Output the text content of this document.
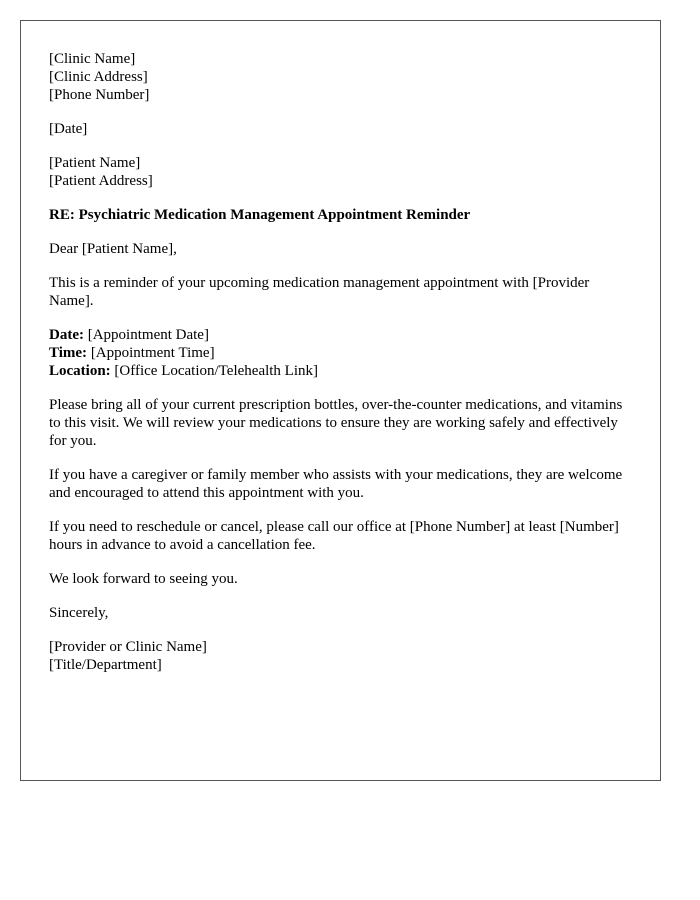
[Clinic Name]
[Clinic Address]
[Phone Number]
[Date]
[Patient Name]
[Patient Address]
RE: Psychiatric Medication Management Appointment Reminder
Dear [Patient Name],

This is a reminder of your upcoming medication management appointment with [Provider Name].

Date: [Appointment Date]
Time: [Appointment Time]
Location: [Office Location/Telehealth Link]

Please bring all of your current prescription bottles, over-the-counter medications, and vitamins to this visit. We will review your medications to ensure they are working safely and effectively for you.

If you have a caregiver or family member who assists with your medications, they are welcome and encouraged to attend this appointment with you.

If you need to reschedule or cancel, please call our office at [Phone Number] at least [Number] hours in advance to avoid a cancellation fee.

We look forward to seeing you.
Sincerely,
[Provider or Clinic Name]
[Title/Department]
